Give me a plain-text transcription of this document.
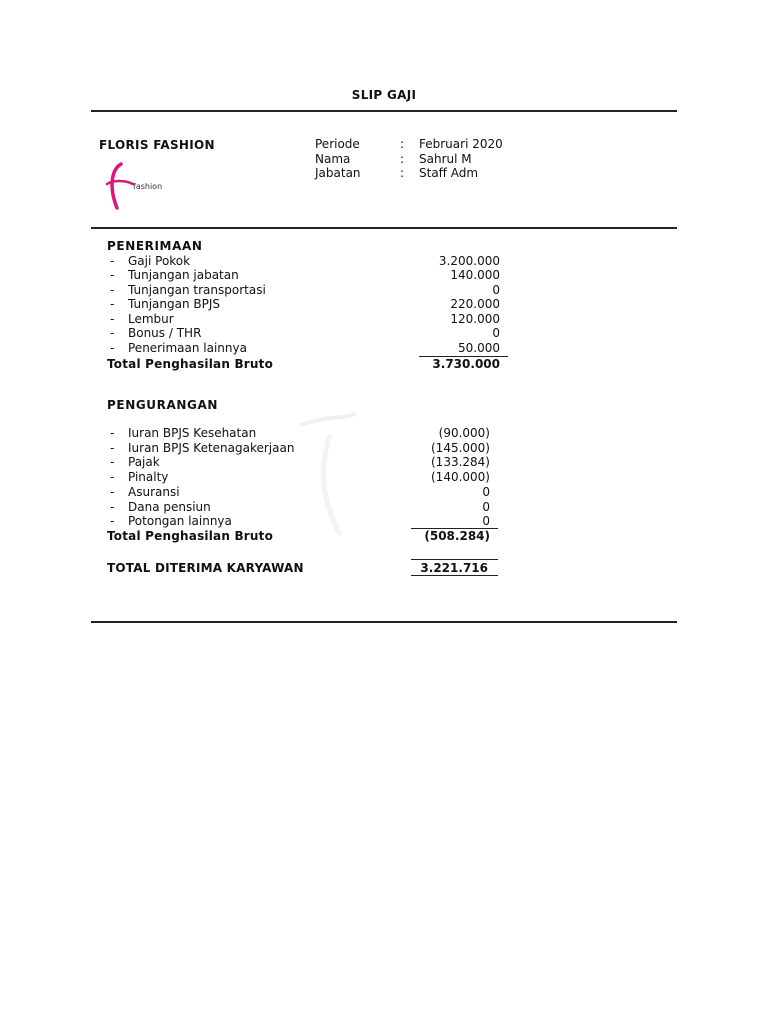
SLIP GAJI
FLORIS FASHION
fashion
Periode	: Februari 2020
Nama	: Sahrul M
Jabatan	: Staff Adm
PENERIMAAN
- Gaji Pokok	3.200.000
- Tunjangan jabatan	140.000
- Tunjangan transportasi	0
- Tunjangan BPJS	220.000
- Lembur	120.000
- Bonus / THR	0
- Penerimaan lainnya	50.000
Total Penghasilan Bruto	3.730.000
PENGURANGAN
- Iuran BPJS Kesehatan	(90.000)
- Iuran BPJS Ketenagakerjaan	(145.000)
- Pajak	(133.284)
- Pinalty	(140.000)
- Asuransi	0
- Dana pensiun	0
- Potongan lainnya	0
Total Penghasilan Bruto	(508.284)
TOTAL DITERIMA KARYAWAN	3.221.716
